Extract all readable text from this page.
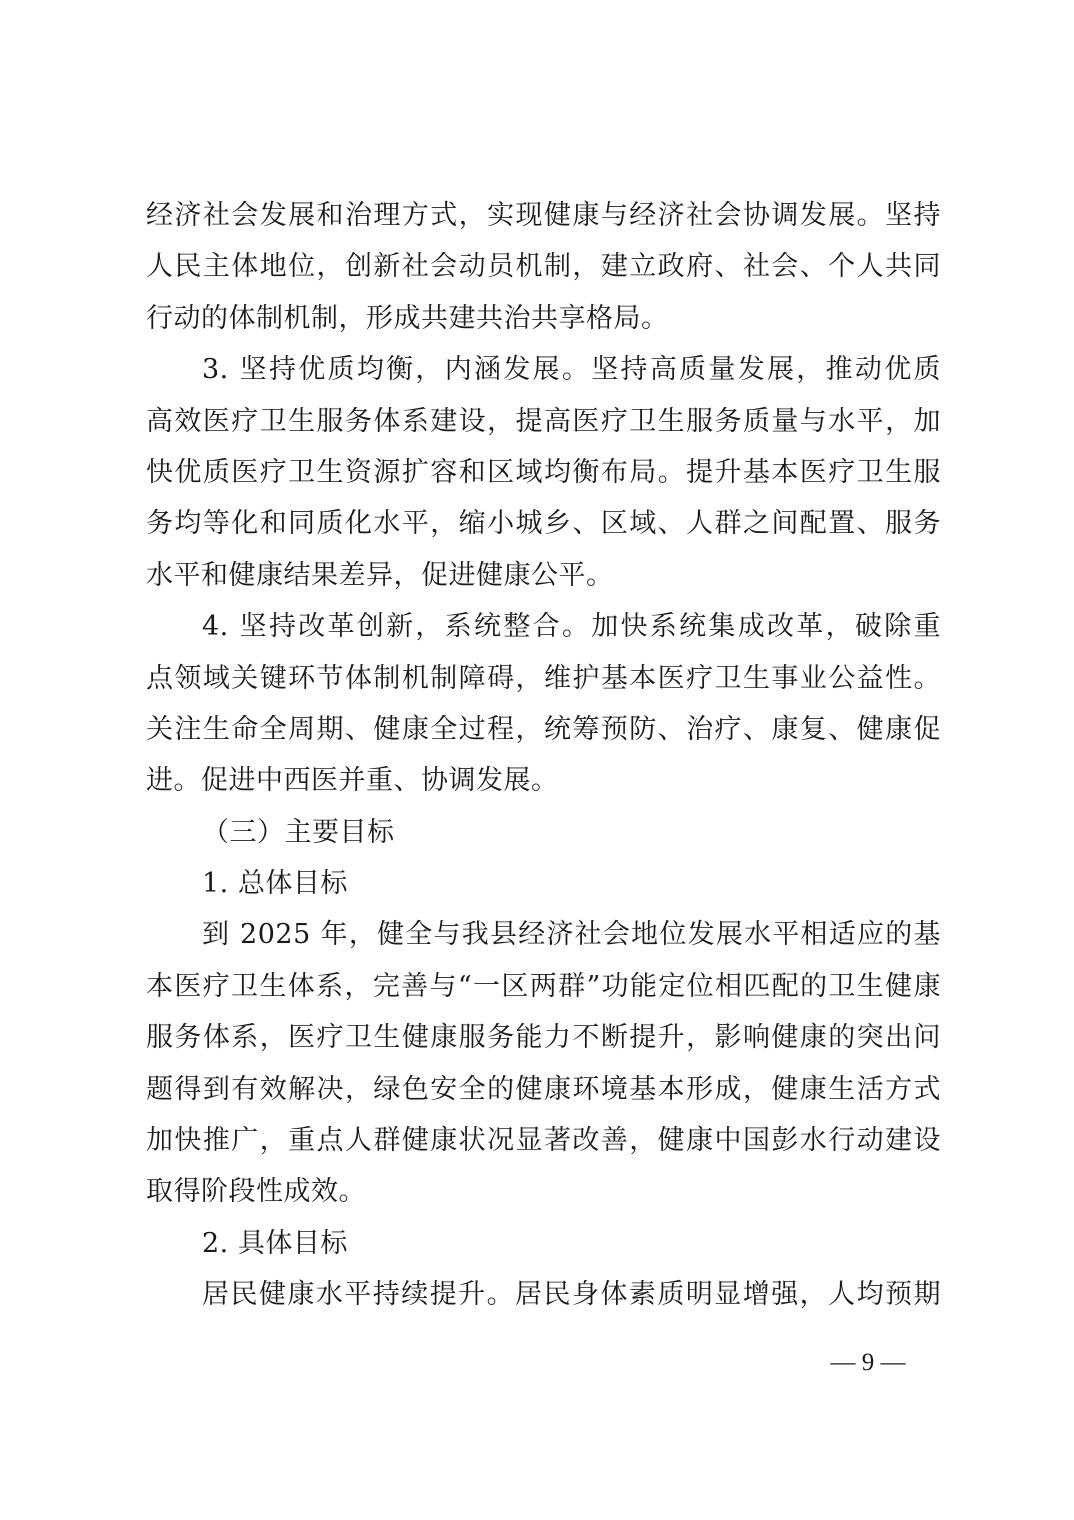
经济社会发展和治理方式，实现健康与经济社会协调发展。坚持
人民主体地位，创新社会动员机制，建立政府、社会、个人共同
行动的体制机制，形成共建共治共享格局。
3. 坚持优质均衡，内涵发展。坚持高质量发展，推动优质
高效医疗卫生服务体系建设，提高医疗卫生服务质量与水平，加
快优质医疗卫生资源扩容和区域均衡布局。提升基本医疗卫生服
务均等化和同质化水平，缩小城乡、区域、人群之间配置、服务
水平和健康结果差异，促进健康公平。
4. 坚持改革创新，系统整合。加快系统集成改革，破除重
点领域关键环节体制机制障碍，维护基本医疗卫生事业公益性。
关注生命全周期、健康全过程，统筹预防、治疗、康复、健康促
进。促进中西医并重、协调发展。
（三）主要目标
1. 总体目标
到 2025 年，健全与我县经济社会地位发展水平相适应的基
本医疗卫生体系，完善与“一区两群”功能定位相匹配的卫生健康
服务体系，医疗卫生健康服务能力不断提升，影响健康的突出问
题得到有效解决，绿色安全的健康环境基本形成，健康生活方式
加快推广，重点人群健康状况显著改善，健康中国彭水行动建设
取得阶段性成效。
2. 具体目标
居民健康水平持续提升。居民身体素质明显增强，人均预期
— 9 —
